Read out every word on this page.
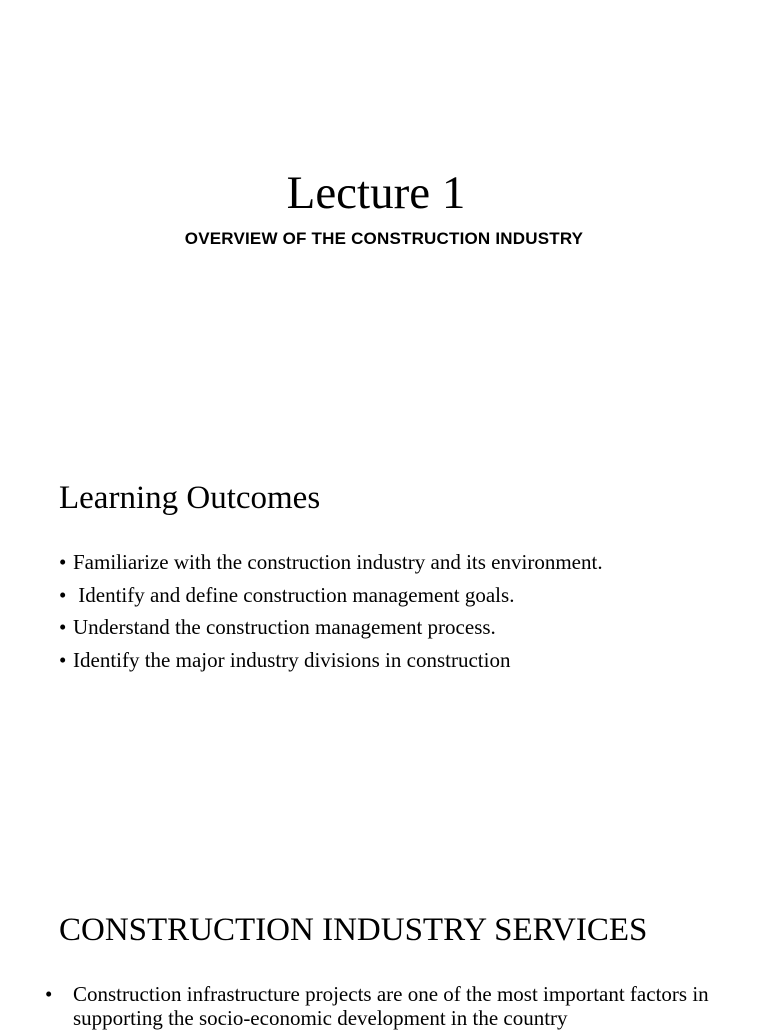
Lecture 1
OVERVIEW OF THE CONSTRUCTION INDUSTRY
Learning Outcomes
• Familiarize with the construction industry and its environment.
• Identify and define construction management goals.
• Understand the construction management process.
• Identify the major industry divisions in construction
CONSTRUCTION INDUSTRY SERVICES
• Construction infrastructure projects are one of the most important factors in supporting the socio-economic development in the country
